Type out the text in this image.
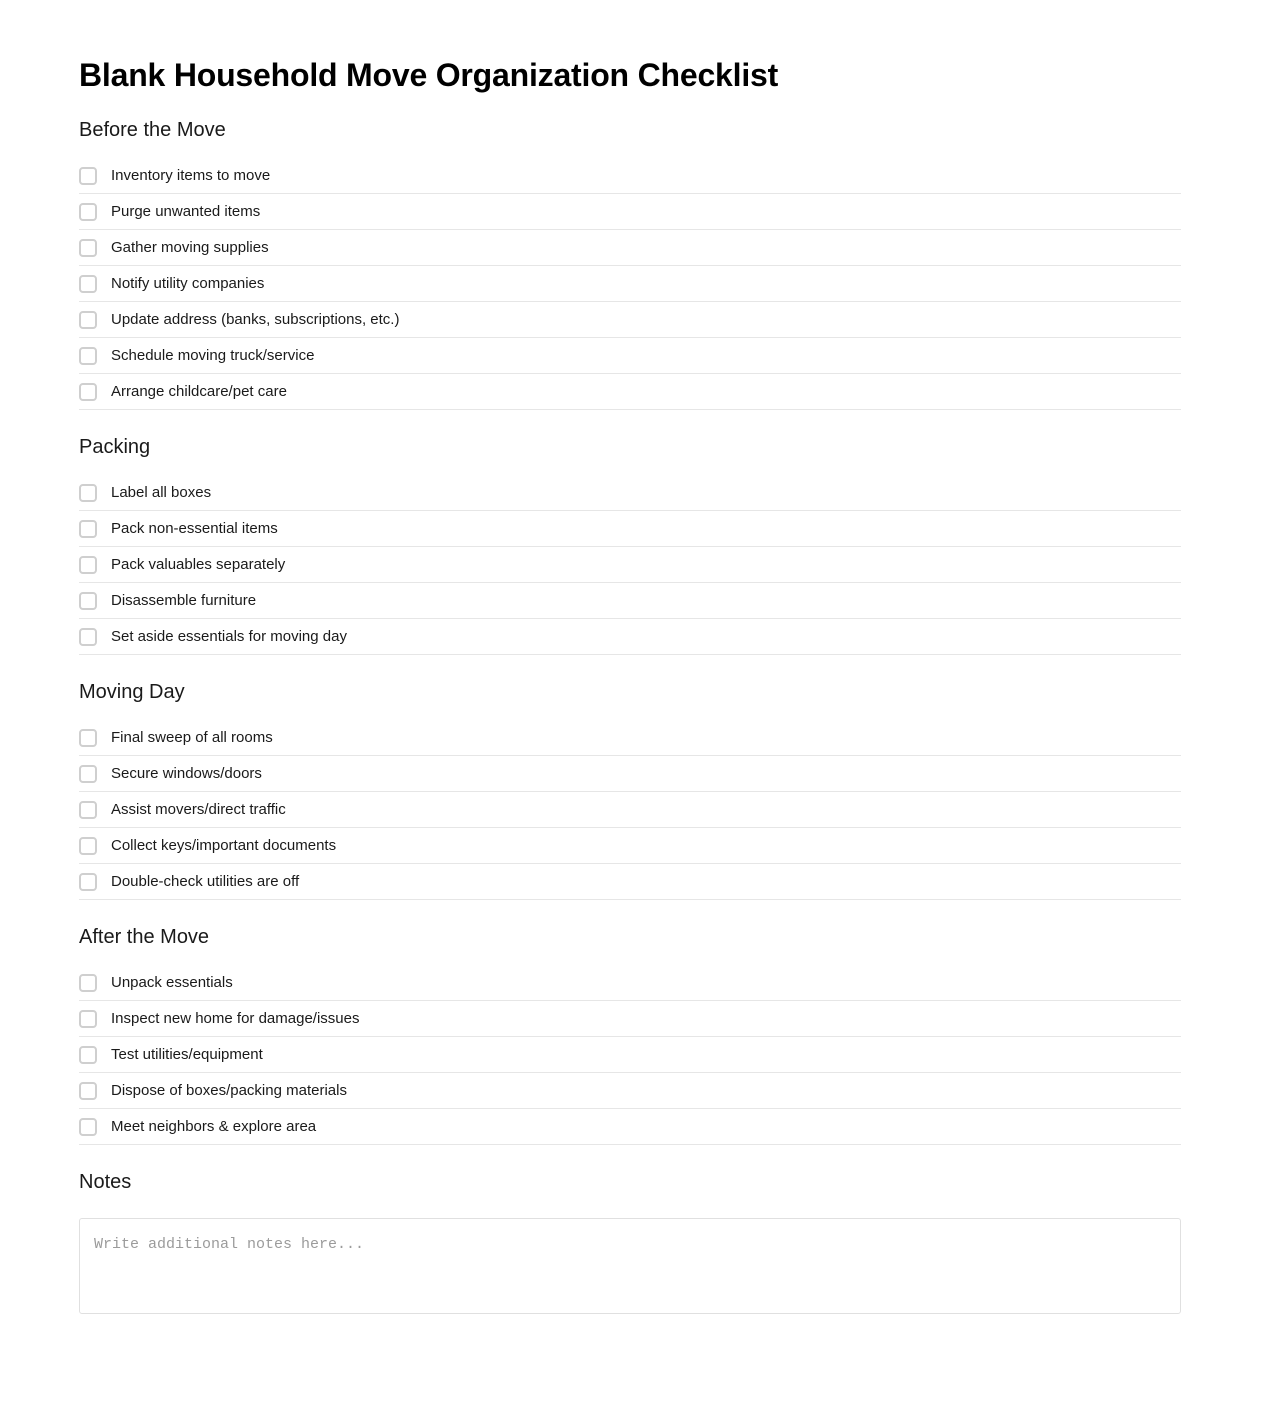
Blank Household Move Organization Checklist
Before the Move
Inventory items to move
Purge unwanted items
Gather moving supplies
Notify utility companies
Update address (banks, subscriptions, etc.)
Schedule moving truck/service
Arrange childcare/pet care
Packing
Label all boxes
Pack non-essential items
Pack valuables separately
Disassemble furniture
Set aside essentials for moving day
Moving Day
Final sweep of all rooms
Secure windows/doors
Assist movers/direct traffic
Collect keys/important documents
Double-check utilities are off
After the Move
Unpack essentials
Inspect new home for damage/issues
Test utilities/equipment
Dispose of boxes/packing materials
Meet neighbors & explore area
Notes
Write additional notes here...
